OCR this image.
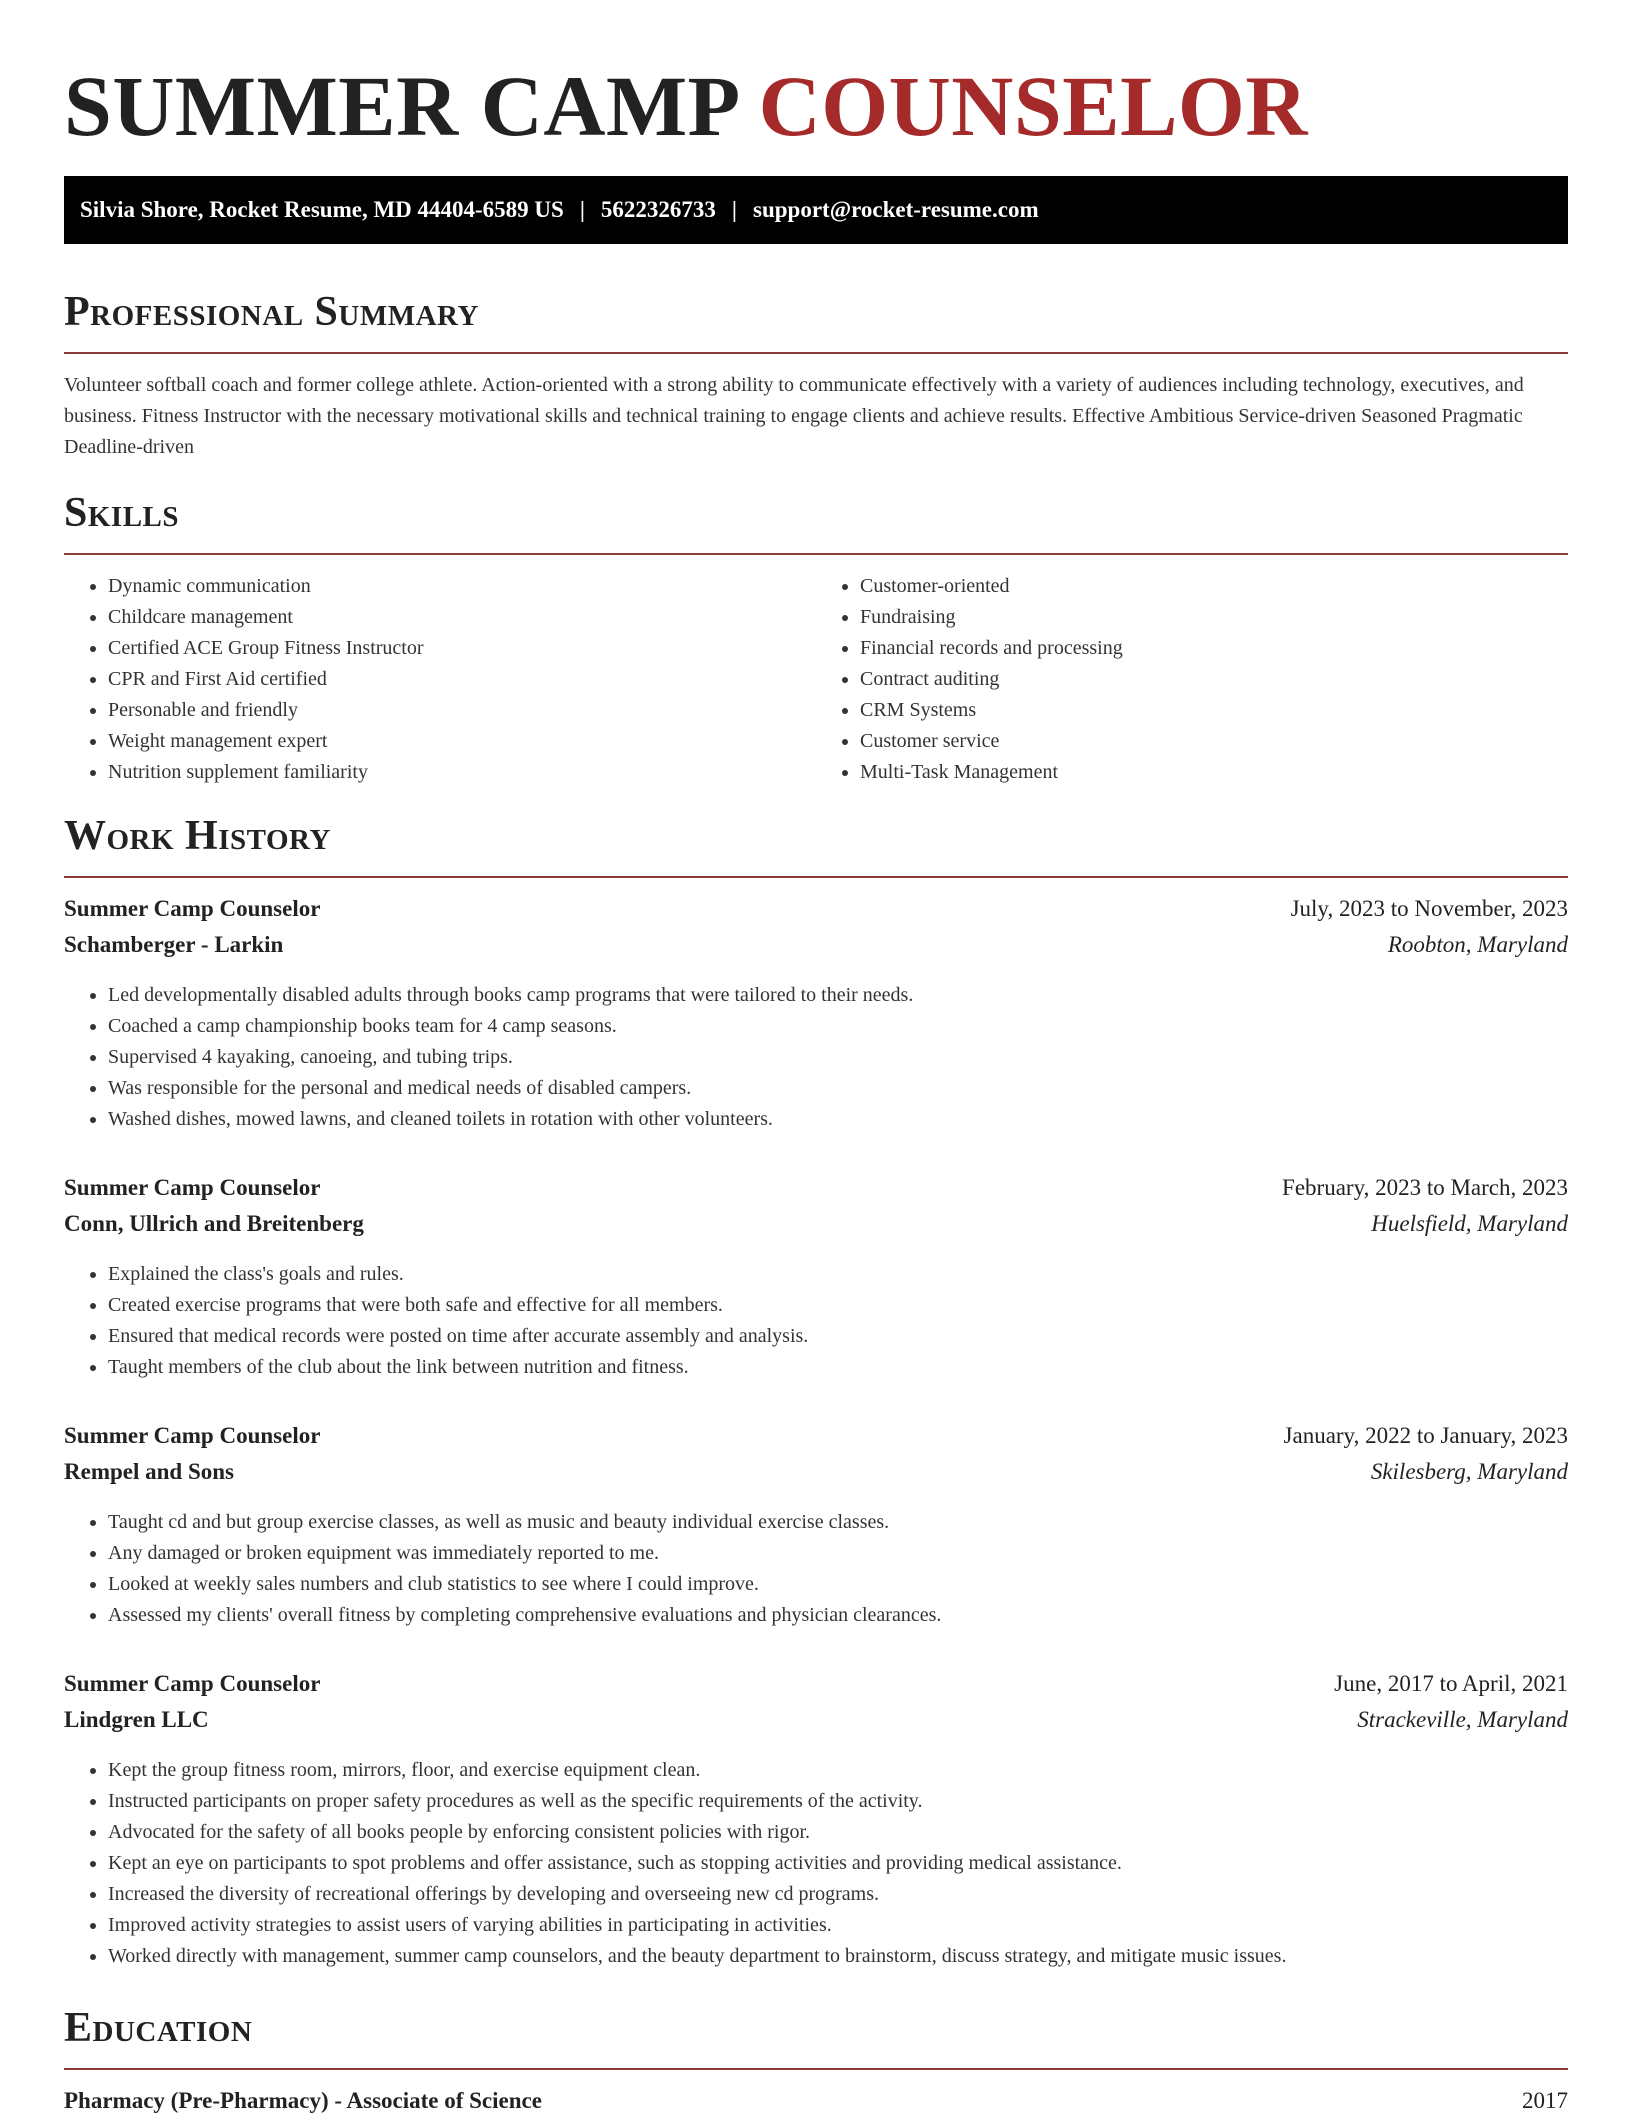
SUMMER CAMP COUNSELOR
Silvia Shore, Rocket Resume, MD 44404-6589 US | 5622326733 | support@rocket-resume.com
Professional Summary

Volunteer softball coach and former college athlete. Action-oriented with a strong ability to communicate effectively with a variety of audiences including technology, executives, and business. Fitness Instructor with the necessary motivational skills and technical training to engage clients and achieve results. Effective Ambitious Service-driven Seasoned Pragmatic Deadline-driven

Skills
• Dynamic communication
• Childcare management
• Certified ACE Group Fitness Instructor
• CPR and First Aid certified
• Personable and friendly
• Weight management expert
• Nutrition supplement familiarity
• Customer-oriented
• Fundraising
• Financial records and processing
• Contract auditing
• CRM Systems
• Customer service
• Multi-Task Management
Work History
Summer Camp Counselor	July, 2023 to November, 2023
Schamberger - Larkin	Roobton, Maryland
• Led developmentally disabled adults through books camp programs that were tailored to their needs.
• Coached a camp championship books team for 4 camp seasons.
• Supervised 4 kayaking, canoeing, and tubing trips.
• Was responsible for the personal and medical needs of disabled campers.
• Washed dishes, mowed lawns, and cleaned toilets in rotation with other volunteers.
Summer Camp Counselor	February, 2023 to March, 2023
Conn, Ullrich and Breitenberg	Huelsfield, Maryland
• Explained the class's goals and rules.
• Created exercise programs that were both safe and effective for all members.
• Ensured that medical records were posted on time after accurate assembly and analysis.
• Taught members of the club about the link between nutrition and fitness.
Summer Camp Counselor	January, 2022 to January, 2023
Rempel and Sons	Skilesberg, Maryland
• Taught cd and but group exercise classes, as well as music and beauty individual exercise classes.
• Any damaged or broken equipment was immediately reported to me.
• Looked at weekly sales numbers and club statistics to see where I could improve.
• Assessed my clients' overall fitness by completing comprehensive evaluations and physician clearances.
Summer Camp Counselor	June, 2017 to April, 2021
Lindgren LLC	Strackeville, Maryland
• Kept the group fitness room, mirrors, floor, and exercise equipment clean.
• Instructed participants on proper safety procedures as well as the specific requirements of the activity.
• Advocated for the safety of all books people by enforcing consistent policies with rigor.
• Kept an eye on participants to spot problems and offer assistance, such as stopping activities and providing medical assistance.
• Increased the diversity of recreational offerings by developing and overseeing new cd programs.
• Improved activity strategies to assist users of varying abilities in participating in activities.
• Worked directly with management, summer camp counselors, and the beauty department to brainstorm, discuss strategy, and mitigate music issues.
Education
Pharmacy (Pre-Pharmacy) - Associate of Science	2017
